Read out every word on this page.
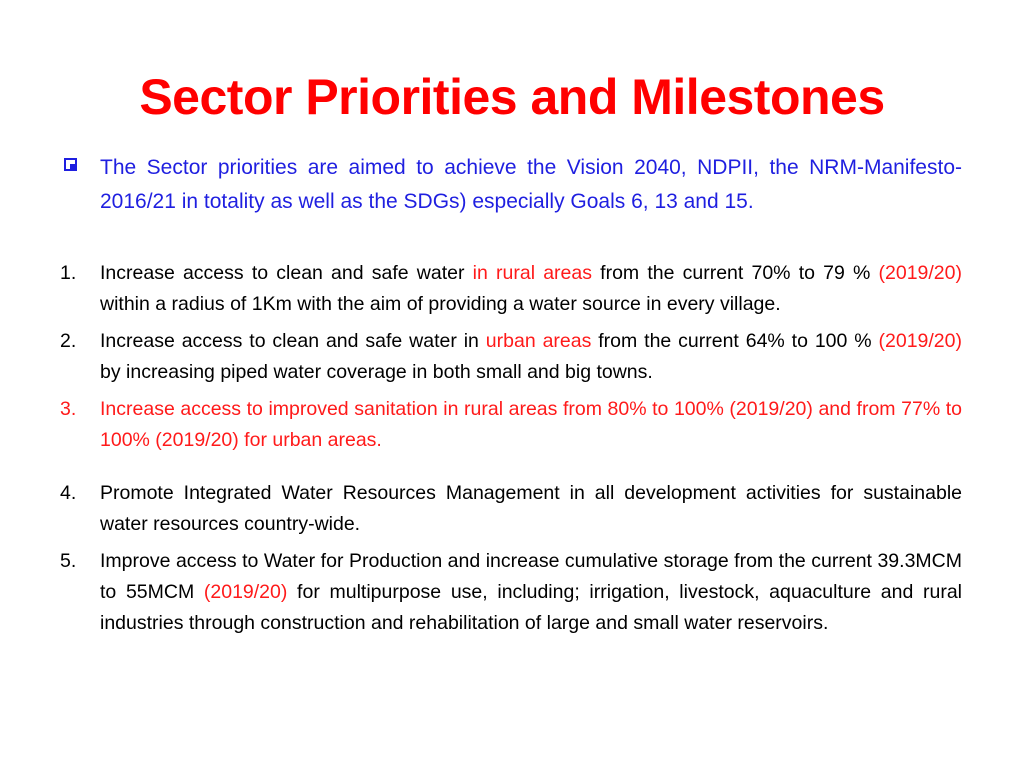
Sector Priorities and Milestones
The Sector priorities are aimed to achieve the Vision 2040, NDPII, the NRM-Manifesto-2016/21 in totality as well as the SDGs) especially Goals 6, 13 and 15.
1.	Increase access to clean and safe water in rural areas from the current 70% to 79 % (2019/20) within a radius of 1Km with the aim of providing a water source in every village.
2.	Increase access to clean and safe water in urban areas from the current 64% to 100 % (2019/20) by increasing piped water coverage in both small and big towns.
3.	Increase access to improved sanitation in rural areas from 80% to 100% (2019/20) and from 77% to 100% (2019/20) for urban areas.
4.	Promote Integrated Water Resources Management in all development activities for sustainable water resources country-wide.
5.	Improve access to Water for Production and increase cumulative storage from the current 39.3MCM to 55MCM (2019/20) for multipurpose use, including; irrigation, livestock, aquaculture and rural industries through construction and rehabilitation of large and small water reservoirs.
